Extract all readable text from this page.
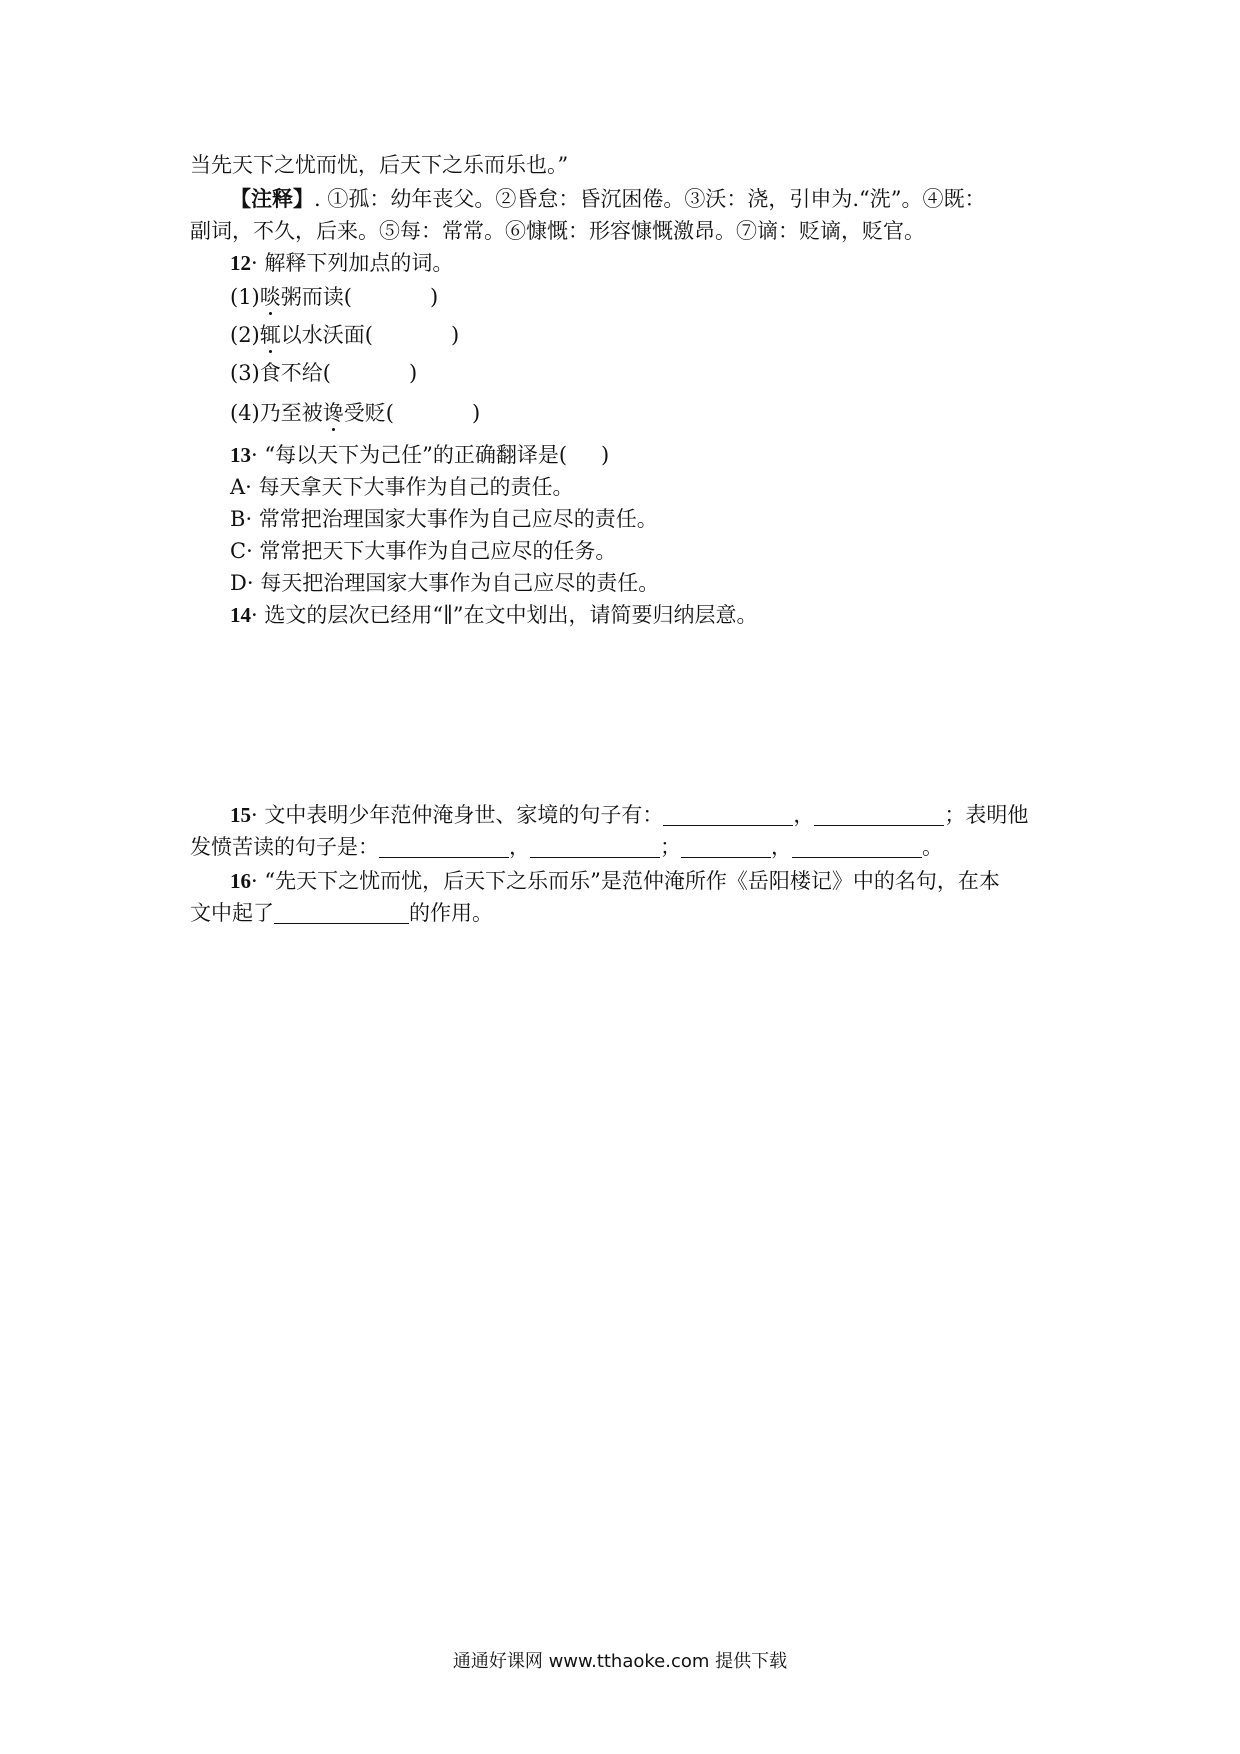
当先天下之忧而忧，后天下之乐而乐也。”
【注释】. ①孤：幼年丧父。②昏怠：昏沉困倦。③沃：浇，引申为.“洗”。④既：
副词，不久，后来。⑤每：常常。⑥慷慨：形容慷慨激昂。⑦谪：贬谪，贬官。
12· 解释下列加点的词。
(1)啖粥而读(	)
(2)辄以水沃面(	)
(3)食不给(	)
(4)乃至被谗受贬(	)
13· “每以天下为己任”的正确翻译是( )
A· 每天拿天下大事作为自己的责任。
B· 常常把治理国家大事作为自己应尽的责任。
C· 常常把天下大事作为自己应尽的任务。
D· 每天把治理国家大事作为自己应尽的责任。
14· 选文的层次已经用“∥”在文中划出，请简要归纳层意。
15· 文中表明少年范仲淹身世、家境的句子有：	，	；表明他
发愤苦读的句子是：	，	；	，	。
16· “先天下之忧而忧，后天下之乐而乐”是范仲淹所作《岳阳楼记》中的名句，在本
文中起了	的作用。
通通好课网 www.tthaoke.com 提供下载
